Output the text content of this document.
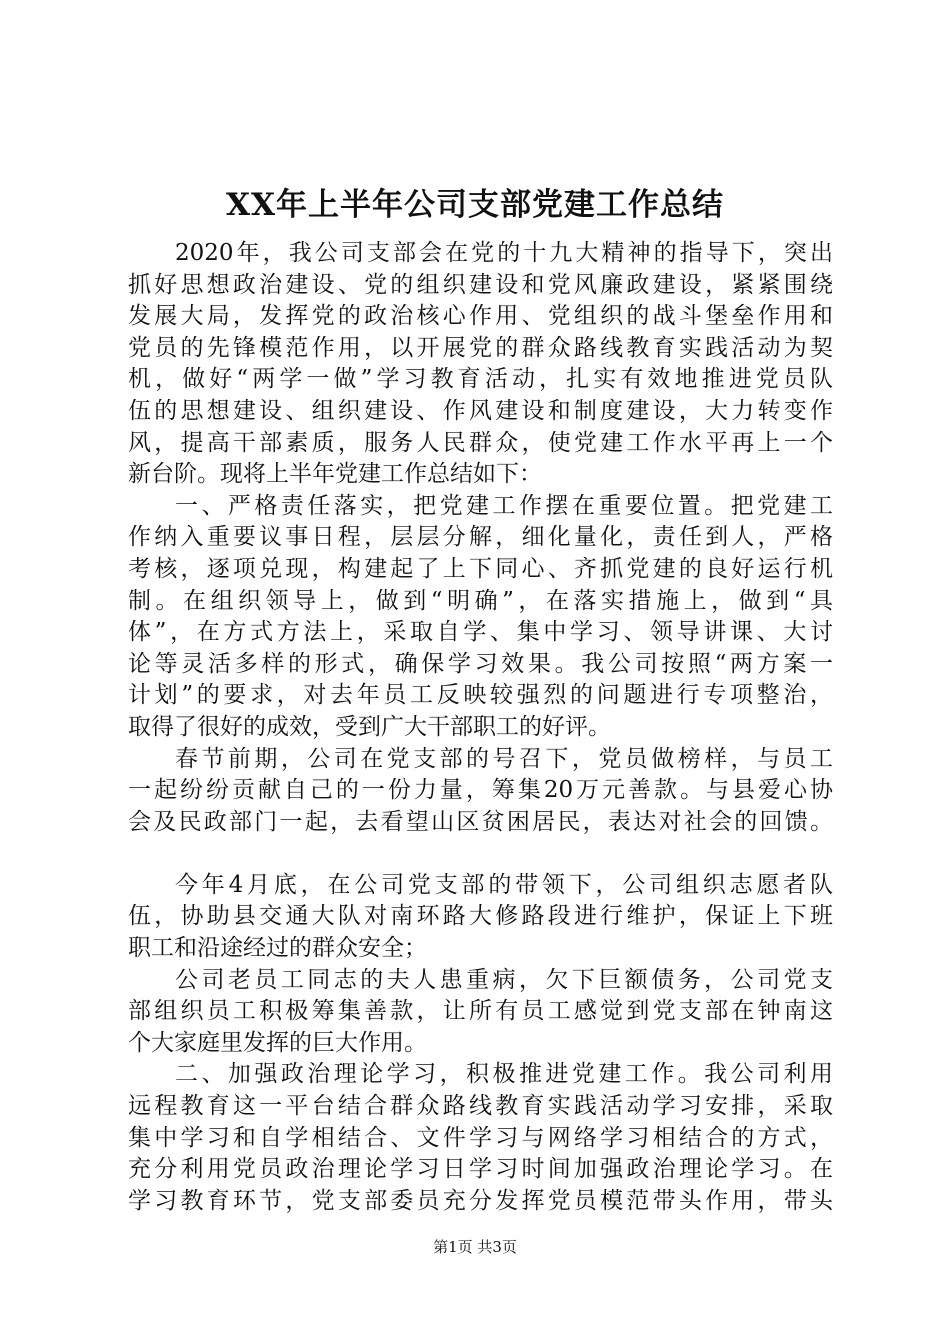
XX年上半年公司支部党建工作总结
2020年，我公司支部会在党的十九大精神的指导下，突出
抓好思想政治建设、党的组织建设和党风廉政建设，紧紧围绕
发展大局，发挥党的政治核心作用、党组织的战斗堡垒作用和
党员的先锋模范作用，以开展党的群众路线教育实践活动为契
机，做好“两学一做”学习教育活动，扎实有效地推进党员队
伍的思想建设、组织建设、作风建设和制度建设，大力转变作
风，提高干部素质，服务人民群众，使党建工作水平再上一个
新台阶。现将上半年党建工作总结如下：
一、严格责任落实，把党建工作摆在重要位置。把党建工
作纳入重要议事日程，层层分解，细化量化，责任到人，严格
考核，逐项兑现，构建起了上下同心、齐抓党建的良好运行机
制。在组织领导上，做到“明确”，在落实措施上，做到“具
体”，在方式方法上，采取自学、集中学习、领导讲课、大讨
论等灵活多样的形式，确保学习效果。我公司按照“两方案一
计划”的要求，对去年员工反映较强烈的问题进行专项整治，
取得了很好的成效，受到广大干部职工的好评。
春节前期，公司在党支部的号召下，党员做榜样，与员工
一起纷纷贡献自己的一份力量，筹集20万元善款。与县爱心协
会及民政部门一起，去看望山区贫困居民，表达对社会的回馈。
今年4月底，在公司党支部的带领下，公司组织志愿者队
伍，协助县交通大队对南环路大修路段进行维护，保证上下班
职工和沿途经过的群众安全；
公司老员工同志的夫人患重病，欠下巨额债务，公司党支
部组织员工积极筹集善款，让所有员工感觉到党支部在钟南这
个大家庭里发挥的巨大作用。
二、加强政治理论学习，积极推进党建工作。我公司利用
远程教育这一平台结合群众路线教育实践活动学习安排，采取
集中学习和自学相结合、文件学习与网络学习相结合的方式，
充分利用党员政治理论学习日学习时间加强政治理论学习。在
学习教育环节，党支部委员充分发挥党员模范带头作用，带头
第1页 共3页
